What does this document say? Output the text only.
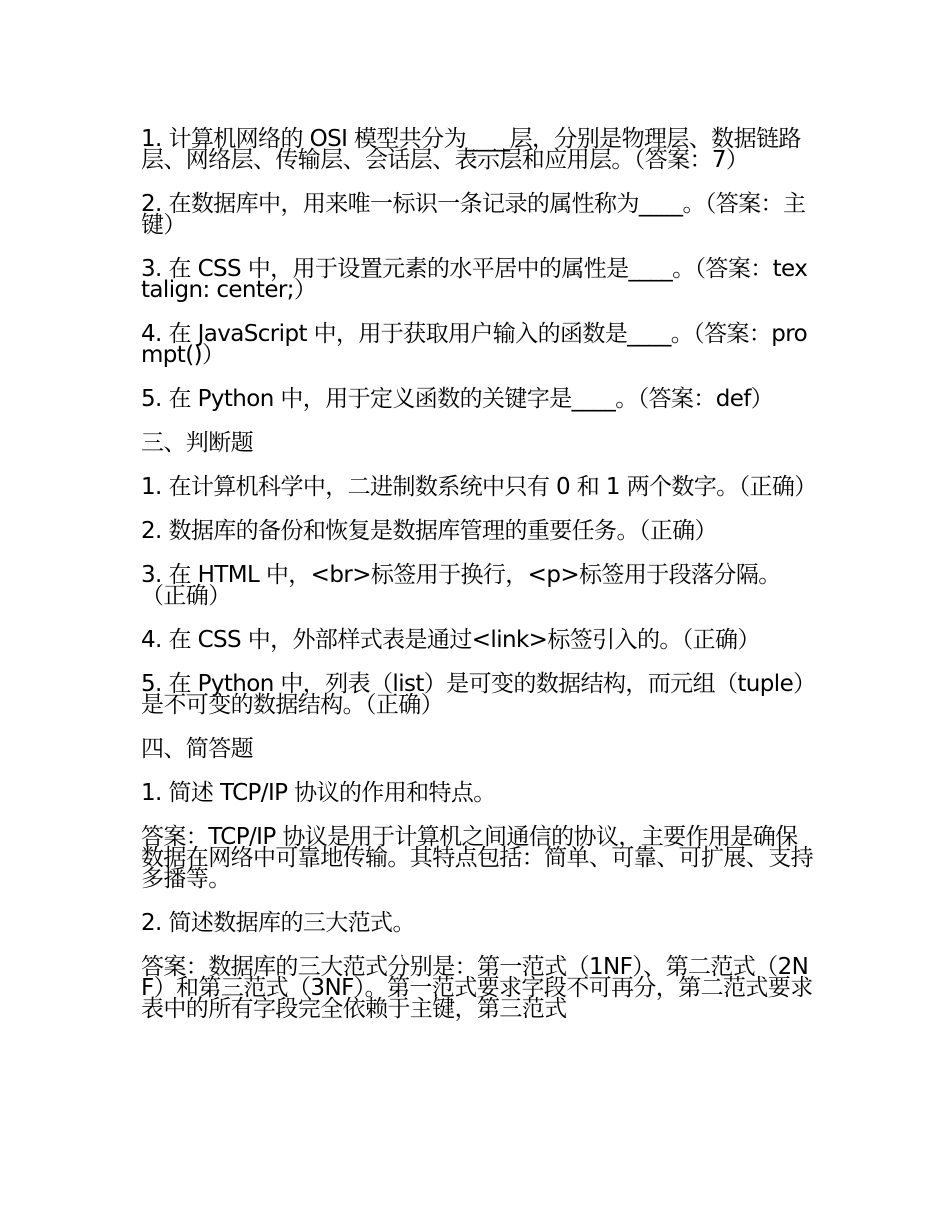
1. 计算机网络的 OSI 模型共分为____层，分别是物理层、数据链路层、网络层、传输层、会话层、表示层和应用层。（答案：7）

2. 在数据库中，用来唯一标识一条记录的属性称为____。（答案：主键）

3. 在 CSS 中，用于设置元素的水平居中的属性是____。（答案：textalign: center;）

4. 在 JavaScript 中，用于获取用户输入的函数是____。（答案：prompt()）

5. 在 Python 中，用于定义函数的关键字是____。（答案：def）

三、判断题

1. 在计算机科学中，二进制数系统中只有 0 和 1 两个数字。（正确）

2. 数据库的备份和恢复是数据库管理的重要任务。（正确）

3. 在 HTML 中，<br>标签用于换行，<p>标签用于段落分隔。（正确）

4. 在 CSS 中，外部样式表是通过<link>标签引入的。（正确）

5. 在 Python 中，列表（list）是可变的数据结构，而元组（tuple）是不可变的数据结构。（正确）

四、简答题

1. 简述 TCP/IP 协议的作用和特点。

答案：TCP/IP 协议是用于计算机之间通信的协议，主要作用是确保数据在网络中可靠地传输。其特点包括：简单、可靠、可扩展、支持多播等。

2. 简述数据库的三大范式。

答案：数据库的三大范式分别是：第一范式（1NF）、第二范式（2NF）和第三范式（3NF）。第一范式要求字段不可再分，第二范式要求表中的所有字段完全依赖于主键，第三范式
